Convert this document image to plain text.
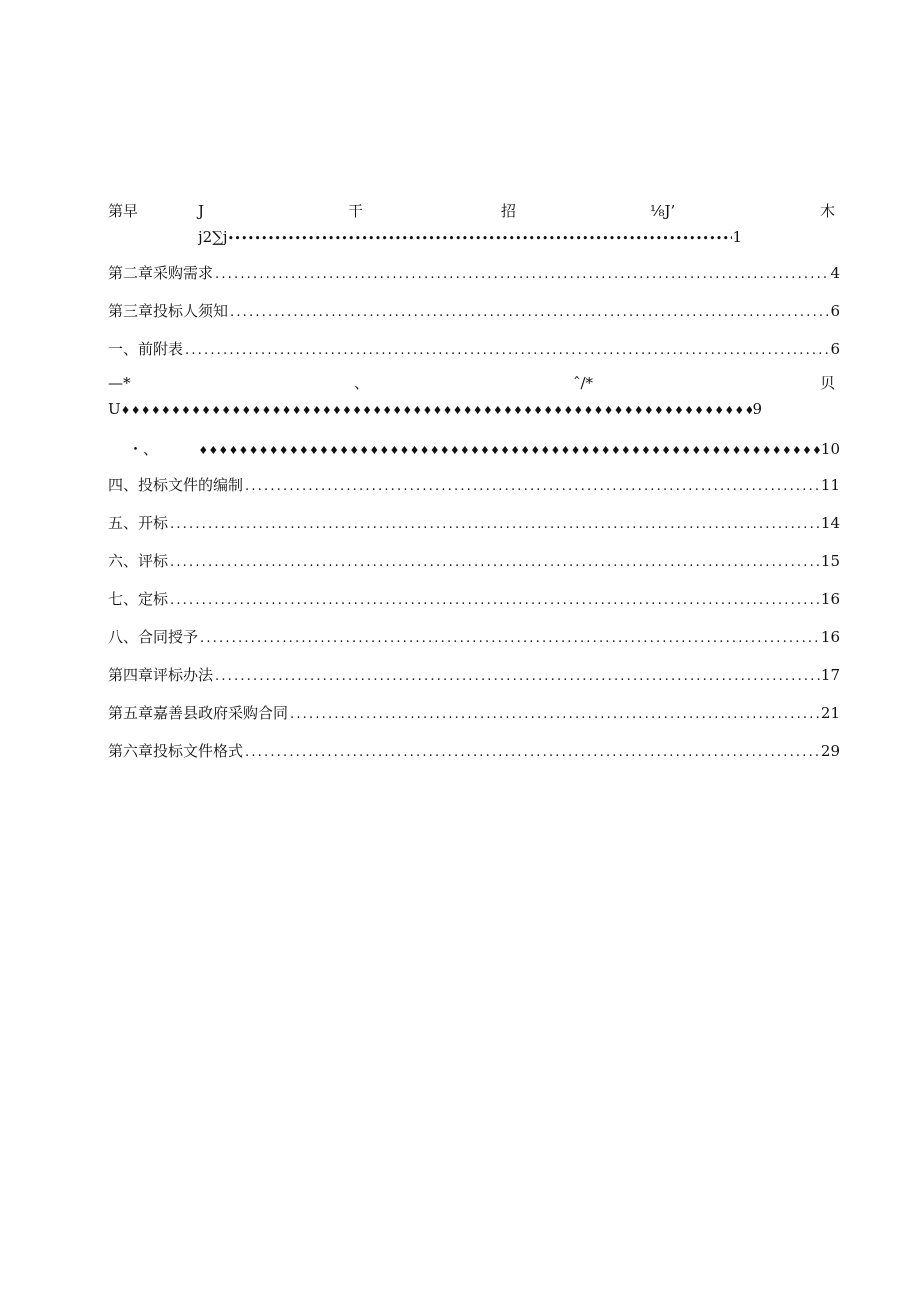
第早	J	干	招	⅛J’	木
j2∑j •••••	1
第二章采购需求 .....	4
第三章投标人须知 .....	6
一、前附表 .....	6
—*	、	ˆ/*	贝
U ♦♦♦♦♦♦♦♦♦♦♦♦♦♦♦♦♦♦♦♦♦♦♦♦♦♦♦♦♦♦♦♦♦♦♦♦♦♦♦♦♦♦♦♦♦♦♦♦♦♦♦♦♦♦♦♦♦♦♦♦♦♦♦♦♦♦♦♦♦♦♦♦♦♦♦♦♦♦♦♦♦♦♦♦♦♦♦♦	9
・、 ♦♦♦♦♦♦♦♦♦♦♦♦♦♦♦♦♦♦♦♦♦♦♦♦♦♦♦♦♦♦♦♦♦♦♦♦♦♦♦♦♦♦♦♦♦♦♦♦♦♦♦♦♦♦♦♦♦♦♦♦♦♦♦♦♦♦♦♦♦♦♦♦♦♦♦♦♦♦♦♦♦♦♦♦♦♦♦♦	10
四、投标文件的编制 .....	11
五、开标 .....	14
六、评标 .....	15
七、定标 .....	16
八、合同授予 .....	16
第四章评标办法 .....	17
第五章嘉善县政府采购合同 .....	21
第六章投标文件格式 .....	29
